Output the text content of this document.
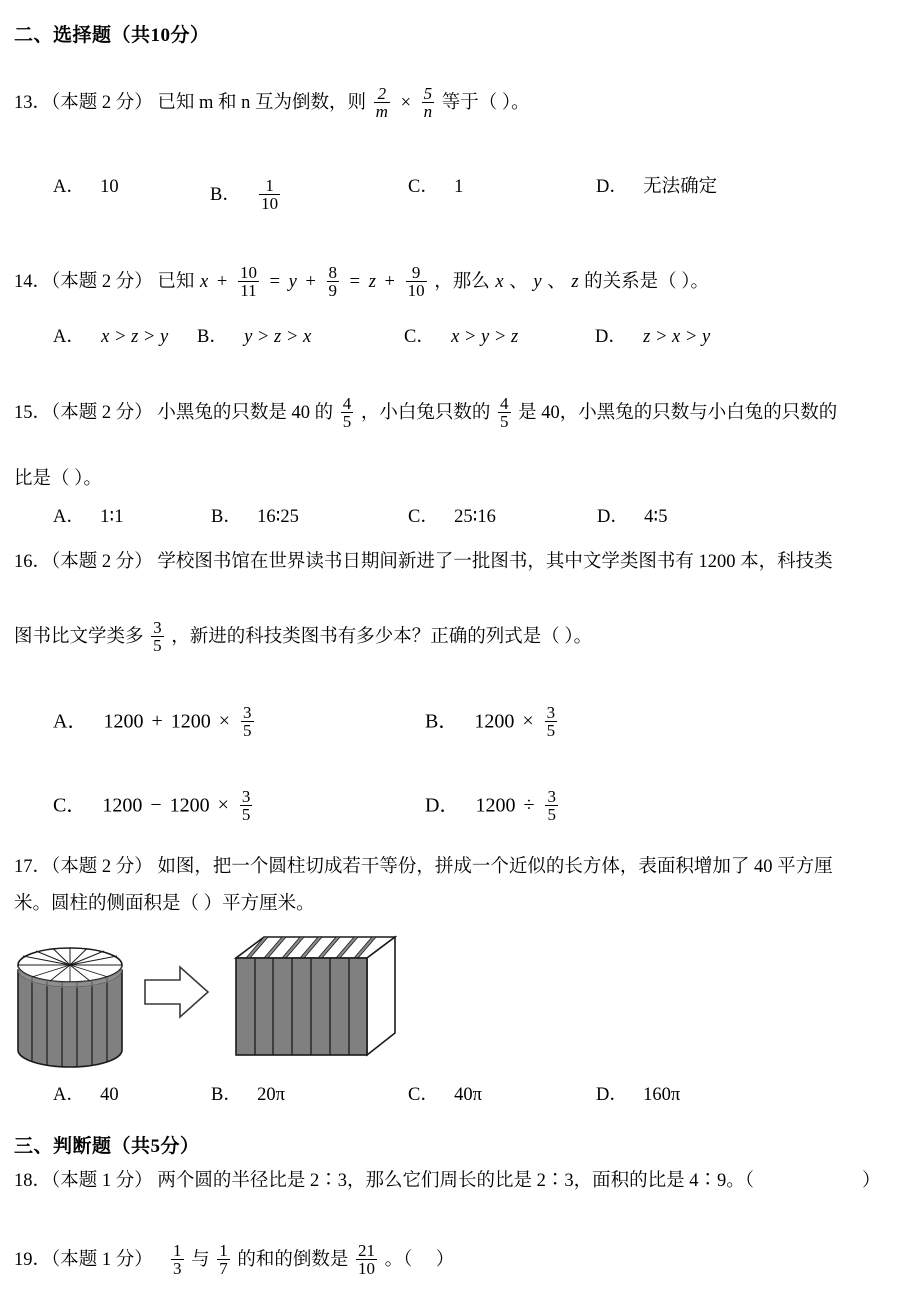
二、选择题（共10分）
13．（本题 2 分） 已知 m 和 n 互为倒数，则 $\frac{2}{m} \times \frac{5}{n}$ 等于（ ）。
A． 10	B． $\frac{1}{10}$	C． 1	D． 无法确定
14．（本题 2 分） 已知 $x + \frac{10}{11} = y + \frac{8}{9} = z + \frac{9}{10}$ ，那么 x 、 y 、 z 的关系是（ ）。
A． x > z > y B． y > z > x	C． x > y > z	D． z > x > y
15．（本题 2 分） 小黑兔的只数是 40 的 $\frac{4}{5}$ ，小白兔只数的 $\frac{4}{5}$ 是 40，小黑兔的只数与小白兔的只数的
比是（ ）。
A． 1∶1	B． 16∶25	C． 25∶16	D． 4∶5
16．（本题 2 分） 学校图书馆在世界读书日期间新进了一批图书，其中文学类图书有 1200 本，科技类
图书比文学类多 $\frac{3}{5}$ ，新进的科技类图书有多少本？正确的列式是（ ）。
A． $1200 + 1200 \times \frac{3}{5}$	B． $1200 \times \frac{3}{5}$
C． $1200 - 1200 \times \frac{3}{5}$	D． $1200 \div \frac{3}{5}$
17．（本题 2 分） 如图，把一个圆柱切成若干等份，拼成一个近似的长方体，表面积增加了 40 平方厘
米。圆柱的侧面积是（ ）平方厘米。
A． 40	B． 20π	C． 40π	D． 160π
三、判断题（共5分）
18．（本题 1 分） 两个圆的半径比是 2∶3，那么它们周长的比是 2∶3，面积的比是 4∶9。（	）
19．（本题 1 分） $\frac{1}{3}$ 与 $\frac{1}{7}$ 的和的倒数是 $\frac{21}{10}$ 。（ ）
